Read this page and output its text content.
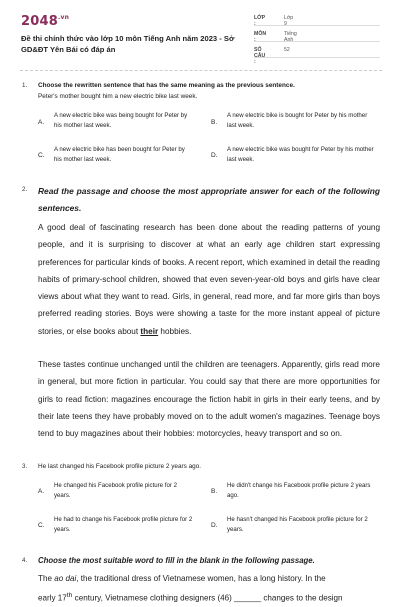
$2048^{.vn}$
Đề thi chính thức vào lớp 10 môn Tiếng Anh năm 2023 - Sở GD&ĐT Yên Bái có đáp án
LỚP :
Lớp 9
MÔN :
Tiếng Anh
SỐ CÂU :
52
1. Choose the rewritten sentence that has the same meaning as the previous sentence.
Peter's mother bought him a new electric bike last week.
A.
A new electric bike was being bought for Peter by his mother last week.	B.
A new electric bike is bought for Peter by his mother last week.
C.
A new electric bike has been bought for Peter by his mother last week.
D.
A new electric bike was bought for Peter by his mother last week.
2. Read the passage and choose the most appropriate answer for each of the following sentences.
A good deal of fascinating research has been done about the reading patterns of young people, and it is surprising to discover at what an early age children start expressing preferences for particular kinds of books. A recent report, which examined in detail the reading habits of primary-school children, showed that even seven-year-old boys and girls have clear views about what they want to read. Girls, in general, read more, and far more girls than boys preferred reading stories. Boys were showing a taste for the more instant appeal of picture stories, or else books about their hobbies.
These tastes continue unchanged until the children are teenagers. Apparently, girls read more in general, but more fiction in particular. You could say that there are more opportunities for girls to read fiction: magazines encourage the fiction habit in girls in their early teens, and by their late teens they have probably moved on to the adult women's magazines. Teenage boys tend to buy magazines about their hobbies: motorcycles, heavy transport and so on.
3. He last changed his Facebook profile picture 2 years ago.
A.
He changed his Facebook profile picture for 2 years.
B.
He didn't change his Facebook profile picture 2 years ago.
C.
He had to change his Facebook profile picture for 2 years.
D.
He hasn't changed his Facebook profile picture for 2 years.
4. Choose the most suitable word to fill in the blank in the following passage.
The ao dai, the traditional dress of Vietnamese women, has a long history. In the
early 17th century, Vietnamese clothing designers (46) ______ changes to the design
